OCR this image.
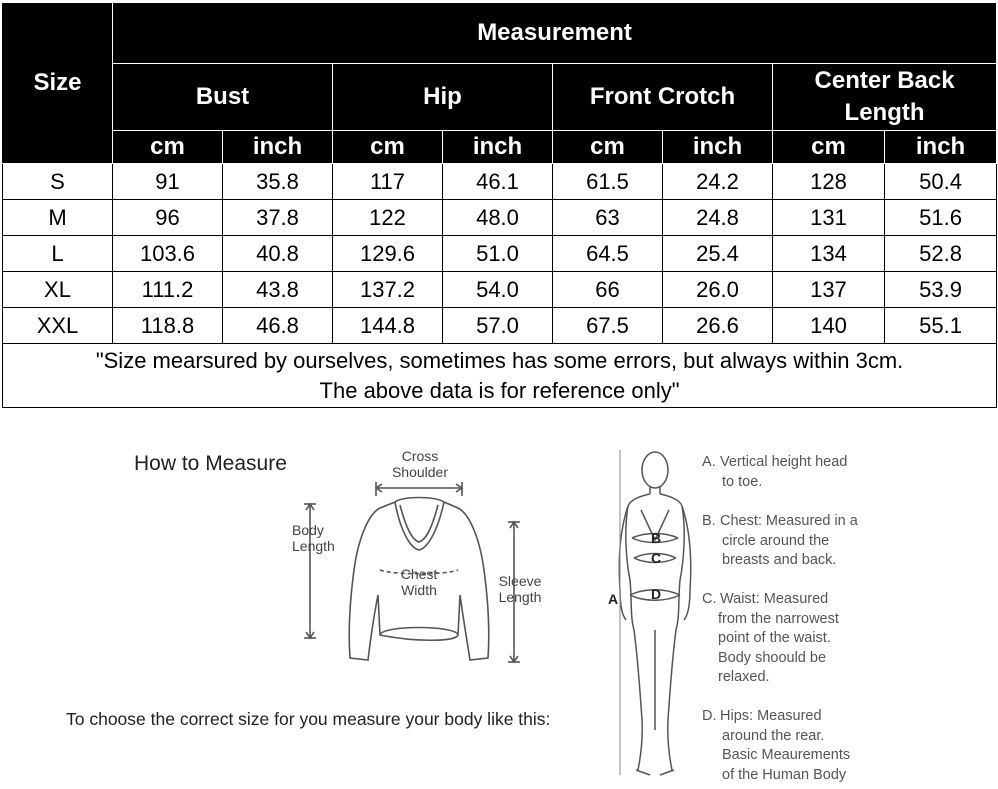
Size	Measurement							
	Bust		Hip		Front Crotch		Center Back Length	
	cm	inch	cm	inch	cm	inch	cm	inch
S	91	35.8	117	46.1	61.5	24.2	128	50.4
M	96	37.8	122	48.0	63	24.8	131	51.6
L	103.6	40.8	129.6	51.0	64.5	25.4	134	52.8
XL	111.2	43.8	137.2	54.0	66	26.0	137	53.9
XXL	118.8	46.8	144.8	57.0	67.5	26.6	140	55.1

"Size mearsured by ourselves, sometimes has some errors, but always within 3cm.
The above data is for reference only"								
How to Measure
A
B
C
D
Cross
Shoulder
Body
Length
Chest
Width
Sleeve
Length
To choose the correct size for you measure your body like this:
A. Vertical height head
to toe.
B. Chest: Measured in a
circle around the
breasts and back.
C. Waist: Measured
from the narrowest
point of the waist.
Body shoould be
relaxed.
D. Hips: Measured
around the rear.
Basic Meaurements
of the Human Body
